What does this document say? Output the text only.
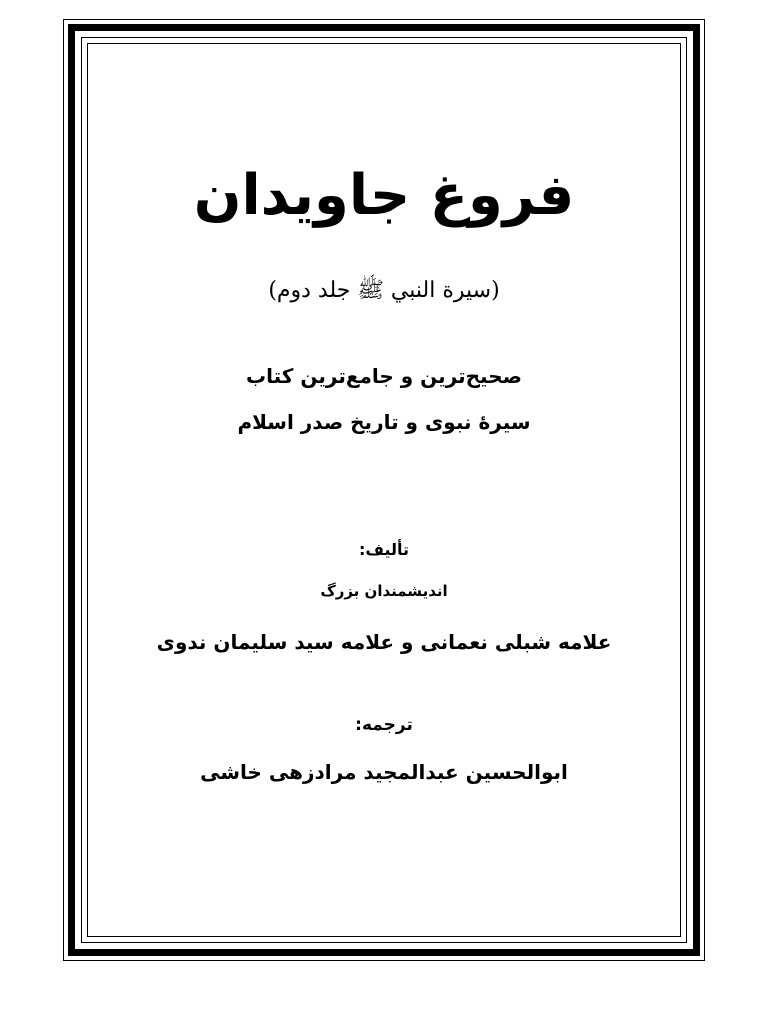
فروغ جاویدان
(سیرة النبي ﷺ جلد دوم)
صحیح‌ترین و جامع‌ترین کتاب
سیرۀ نبوی و تاریخ صدر اسلام
تألیف:
اندیشمندان بزرگ
علامه شبلی نعمانی و علامه سید سلیمان ندوی
ترجمه:
ابوالحسین عبدالمجید مرادزهی خاشی
